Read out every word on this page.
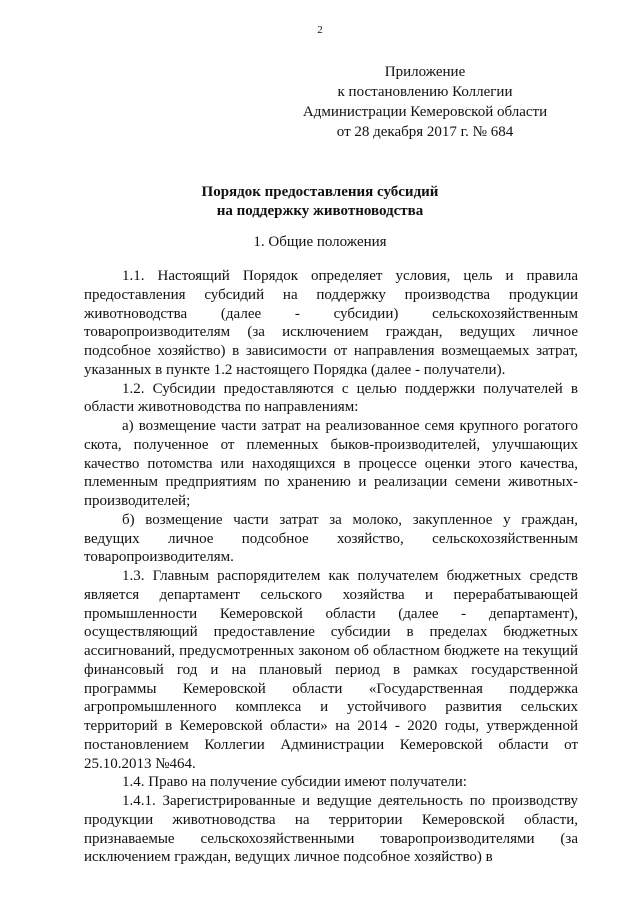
2
Приложение
к постановлению Коллегии
Администрации Кемеровской области
от 28 декабря 2017 г. № 684
Порядок предоставления субсидий
на поддержку животноводства
1. Общие положения

1.1. Настоящий Порядок определяет условия, цель и правила предоставления субсидий на поддержку производства продукции животноводства (далее - субсидии) сельскохозяйственным товаропроизводителям (за исключением граждан, ведущих личное подсобное хозяйство) в зависимости от направления возмещаемых затрат, указанных в пункте 1.2 настоящего Порядка (далее - получатели).

1.2. Субсидии предоставляются с целью поддержки получателей в области животноводства по направлениям:

а) возмещение части затрат на реализованное семя крупного рогатого скота, полученное от племенных быков-производителей, улучшающих качество потомства или находящихся в процессе оценки этого качества, племенным предприятиям по хранению и реализации семени животных-производителей;

б) возмещение части затрат за молоко, закупленное у граждан, ведущих личное подсобное хозяйство, сельскохозяйственным товаропроизводителям.

1.3. Главным распорядителем как получателем бюджетных средств является департамент сельского хозяйства и перерабатывающей промышленности Кемеровской области (далее - департамент), осуществляющий предоставление субсидии в пределах бюджетных ассигнований, предусмотренных законом об областном бюджете на текущий финансовый год и на плановый период в рамках государственной программы Кемеровской области «Государственная поддержка агропромышленного комплекса и устойчивого развития сельских территорий в Кемеровской области» на 2014 - 2020 годы, утвержденной постановлением Коллегии Администрации Кемеровской области от 25.10.2013 №464.

1.4. Право на получение субсидии имеют получатели:

1.4.1. Зарегистрированные и ведущие деятельность по производству продукции животноводства на территории Кемеровской области, признаваемые сельскохозяйственными товаропроизводителями (за исключением граждан, ведущих личное подсобное хозяйство) в
